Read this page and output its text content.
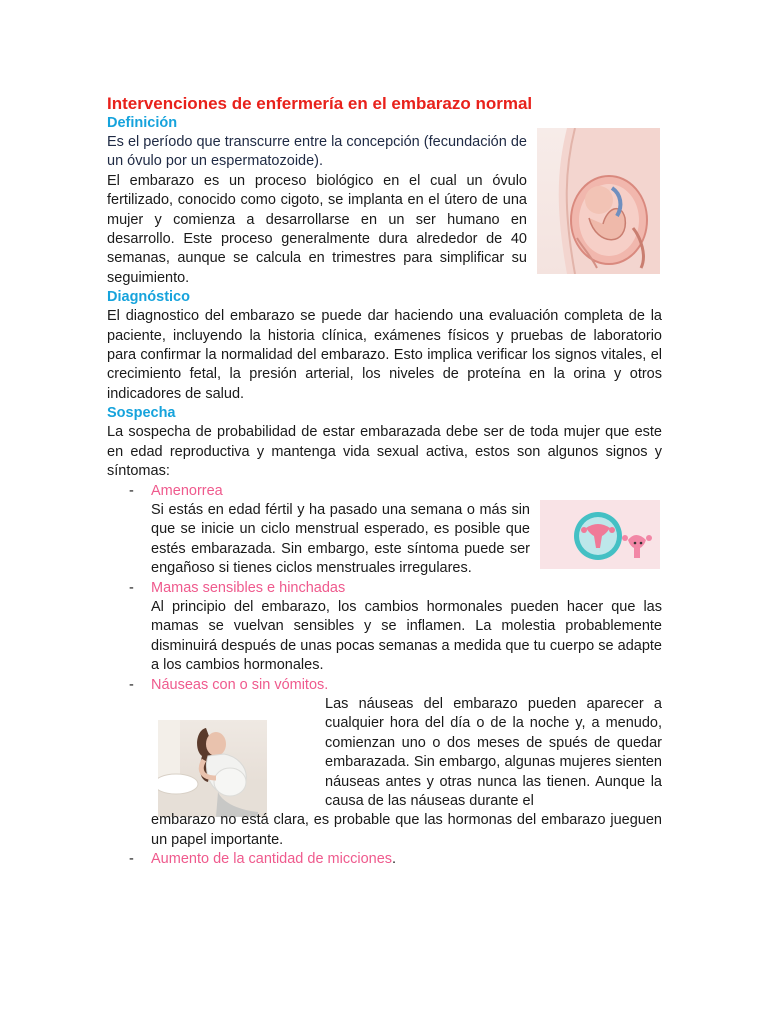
Intervenciones de enfermería en el embarazo normal

Definición

Es el período que transcurre entre la concepción (fecundación de un óvulo por un espermatozoide).

El embarazo es un proceso biológico en el cual un óvulo fertilizado, conocido como cigoto, se implanta en el útero de una mujer y comienza a desarrollarse en un ser humano en desarrollo. Este proceso generalmente dura alrededor de 40 semanas, aunque se calcula en trimestres para simplificar su seguimiento.

Diagnóstico

El diagnostico del embarazo se puede dar haciendo una evaluación completa de la paciente, incluyendo la historia clínica, exámenes físicos y pruebas de laboratorio para confirmar la normalidad del embarazo. Esto implica verificar los signos vitales, el crecimiento fetal, la presión arterial, los niveles de proteína en la orina y otros indicadores de salud.

Sospecha

La sospecha de probabilidad de estar embarazada debe ser de toda mujer que este en edad reproductiva y mantenga vida sexual activa, estos son algunos signos y síntomas:

- Amenorrea

Si estás en edad fértil y ha pasado una semana o más sin que se inicie un ciclo menstrual esperado, es posible que estés embarazada. Sin embargo, este síntoma puede ser engañoso si tienes ciclos menstruales irregulares.

- Mamas sensibles e hinchadas

Al principio del embarazo, los cambios hormonales pueden hacer que las mamas se vuelvan sensibles y se inflamen. La molestia probablemente disminuirá después de unas pocas semanas a medida que tu cuerpo se adapte a los cambios hormonales.

- Náuseas con o sin vómitos.

Las náuseas del embarazo pueden aparecer a cualquier hora del día o de la noche y, a menudo, comienzan uno o dos meses de spués de quedar embarazada. Sin embargo, algunas mujeres sienten náuseas antes y otras nunca las tienen. Aunque la causa de las náuseas durante el

embarazo no está clara, es probable que las hormonas del embarazo jueguen un papel importante.

- Aumento de la cantidad de micciones.
